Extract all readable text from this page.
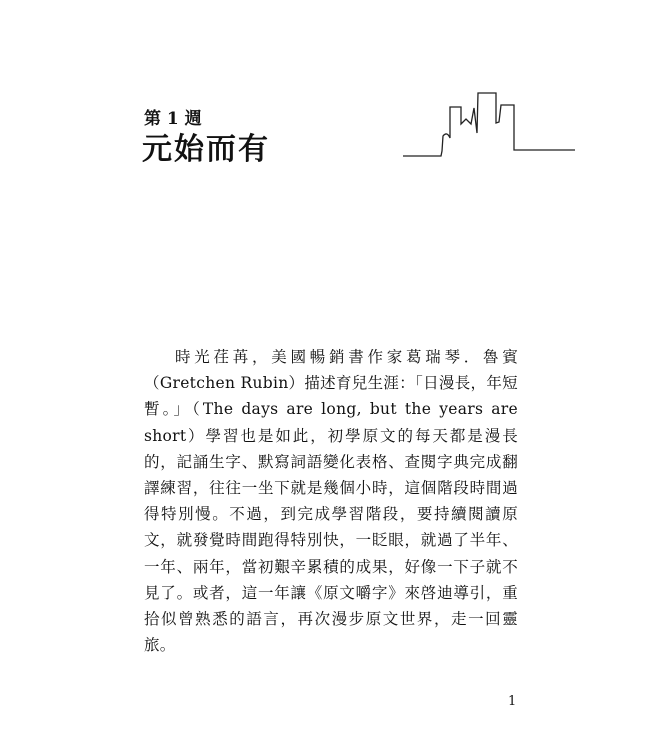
第 1 週
元始而有
時光荏苒，美國暢銷書作家葛瑞琴．魯賓（Gretchen Rubin）描述育兒生涯：「日漫長，年短暫。」（The days are long, but the years are short）學習也是如此，初學原文的每天都是漫長的，記誦生字、默寫詞語變化表格、查閱字典完成翻譯練習，往往一坐下就是幾個小時，這個階段時間過得特別慢。不過，到完成學習階段，要持續閱讀原文，就發覺時間跑得特別快，一眨眼，就過了半年、一年、兩年，當初艱辛累積的成果，好像一下子就不見了。或者，這一年讓《原文嚼字》來啓迪導引，重拾似曾熟悉的語言，再次漫步原文世界，走一回靈旅。
1
